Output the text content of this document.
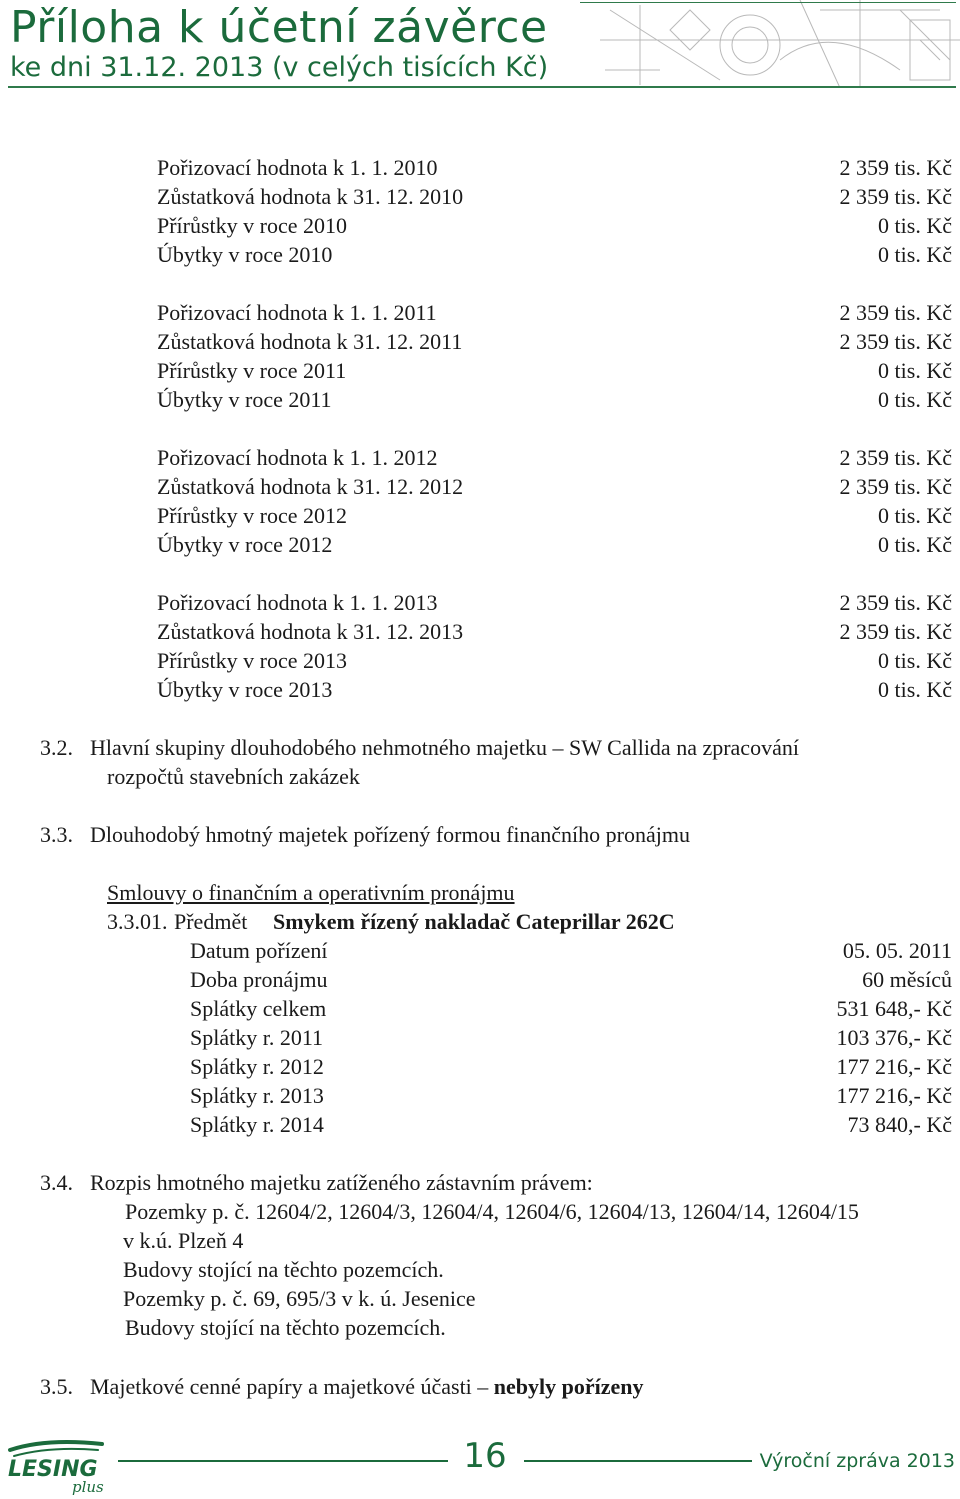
Příloha k účetní závěrce
ke dni 31.12. 2013 (v celých tisících Kč)
Pořizovací hodnota k 1. 1. 2010	2 359 tis. Kč
Zůstatková hodnota k 31. 12. 2010	2 359 tis. Kč
Přírůstky v roce 2010	0 tis. Kč
Úbytky v roce 2010	0 tis. Kč
Pořizovací hodnota k 1. 1. 2011	2 359 tis. Kč
Zůstatková hodnota k 31. 12. 2011	2 359 tis. Kč
Přírůstky v roce 2011	0 tis. Kč
Úbytky v roce 2011	0 tis. Kč
Pořizovací hodnota k 1. 1. 2012	2 359 tis. Kč
Zůstatková hodnota k 31. 12. 2012	2 359 tis. Kč
Přírůstky v roce 2012	0 tis. Kč
Úbytky v roce 2012	0 tis. Kč
Pořizovací hodnota k 1. 1. 2013	2 359 tis. Kč
Zůstatková hodnota k 31. 12. 2013	2 359 tis. Kč
Přírůstky v roce 2013	0 tis. Kč
Úbytky v roce 2013	0 tis. Kč
3.2. Hlavní skupiny dlouhodobého nehmotného majetku – SW Callida na zpracování
rozpočtů stavebních zakázek
3.3. Dlouhodobý hmotný majetek pořízený formou finančního pronájmu
Smlouvy o finančním a operativním pronájmu
3.3.01. Předmět Smykem řízený nakladač Cateprillar 262C
Datum pořízení	05. 05. 2011
Doba pronájmu	60 měsíců
Splátky celkem	531 648,- Kč
Splátky r. 2011	103 376,- Kč
Splátky r. 2012	177 216,- Kč
Splátky r. 2013	177 216,- Kč
Splátky r. 2014	73 840,- Kč
3.4. Rozpis hmotného majetku zatíženého zástavním právem:
Pozemky p. č. 12604/2, 12604/3, 12604/4, 12604/6, 12604/13, 12604/14, 12604/15
v k.ú. Plzeň 4
Budovy stojící na těchto pozemcích.
Pozemky p. č. 69, 695/3 v k. ú. Jesenice
Budovy stojící na těchto pozemcích.
3.5. Majetkové cenné papíry a majetkové účasti – nebyly pořízeny
LESING
plus
16	Výroční zpráva 2013
